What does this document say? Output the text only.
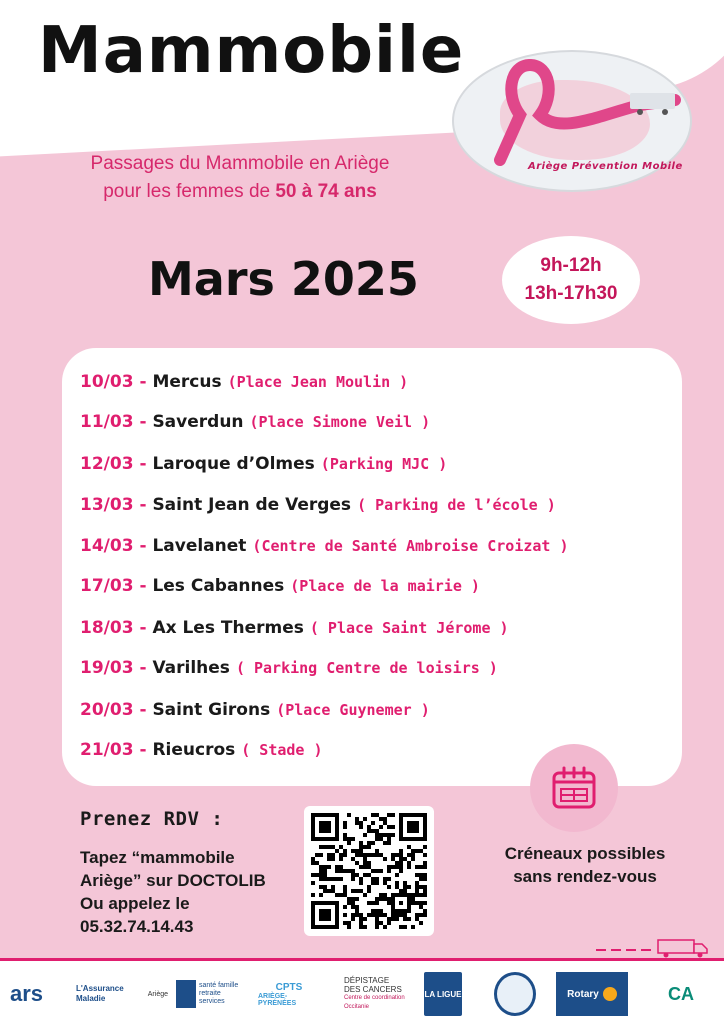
Mammobile
Ariège Prévention Mobile
Passages du Mammobile en Ariège
pour les femmes de 50 à 74 ans
Mars 2025	9h-12h
13h-17h30
10/03 - Mercus (Place Jean Moulin )
11/03 - Saverdun (Place Simone Veil )
12/03 - Laroque d’Olmes (Parking MJC )
13/03 - Saint Jean de Verges ( Parking de l’école )
14/03 - Lavelanet (Centre de Santé Ambroise Croizat )
17/03 - Les Cabannes (Place de la mairie )
18/03 - Ax Les Thermes ( Place Saint Jérome )
19/03 - Varilhes ( Parking Centre de loisirs )
20/03 - Saint Girons (Place Guynemer )
21/03 - Rieucros ( Stade )
Prenez RDV :
Tapez “mammobile
Ariège” sur DOCTOLIB
Ou appelez le
05.32.74.14.43
Créneaux possibles
sans rendez-vous
ars	L'Assurance Maladie	Ariège
santé famille retraite services
CPTS
ARIÈGE-PYRÉNÉES
DÉPISTAGE
DES CANCERS
Centre de coordination
Occitanie
LA LIGUE	Rotary	CA
